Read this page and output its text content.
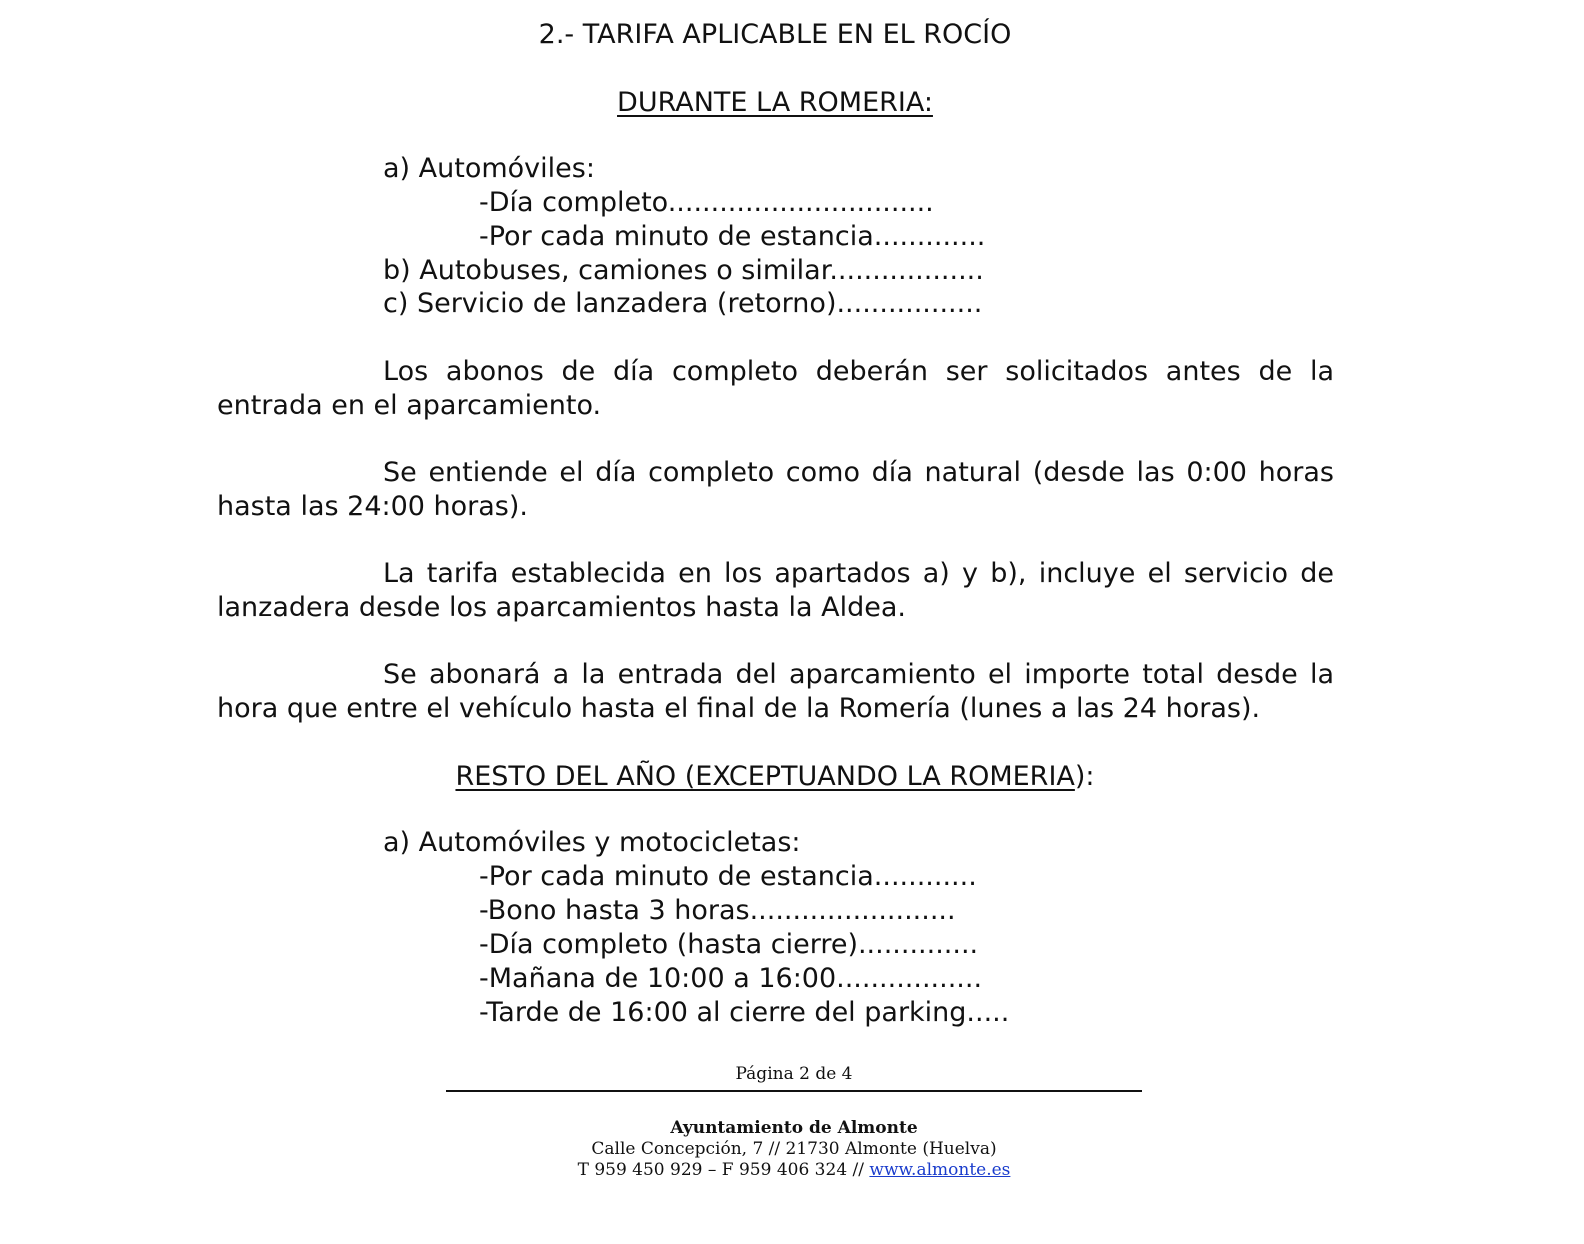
2.- TARIFA APLICABLE EN EL ROCÍO
DURANTE LA ROMERIA:
a) Automóviles:
-Día completo...............................
-Por cada minuto de estancia.............
b) Autobuses, camiones o similar..................
c) Servicio de lanzadera (retorno).................
Los abonos de día completo deberán ser solicitados antes de la entrada en el aparcamiento.
Se entiende el día completo como día natural (desde las 0:00 horas hasta las 24:00 horas).
La tarifa establecida en los apartados a) y b), incluye el servicio de lanzadera desde los aparcamientos hasta la Aldea.
Se abonará a la entrada del aparcamiento el importe total desde la hora que entre el vehículo hasta el final de la Romería (lunes a las 24 horas).
RESTO DEL AÑO (EXCEPTUANDO LA ROMERIA):
a) Automóviles y motocicletas:
-Por cada minuto de estancia............
-Bono hasta 3 horas........................
-Día completo (hasta cierre)..............
-Mañana de 10:00 a 16:00.................
-Tarde de 16:00 al cierre del parking.....
Página 2 de 4
Ayuntamiento de Almonte
Calle Concepción, 7 // 21730 Almonte (Huelva)
T 959 450 929 – F 959 406 324 // www.almonte.es
